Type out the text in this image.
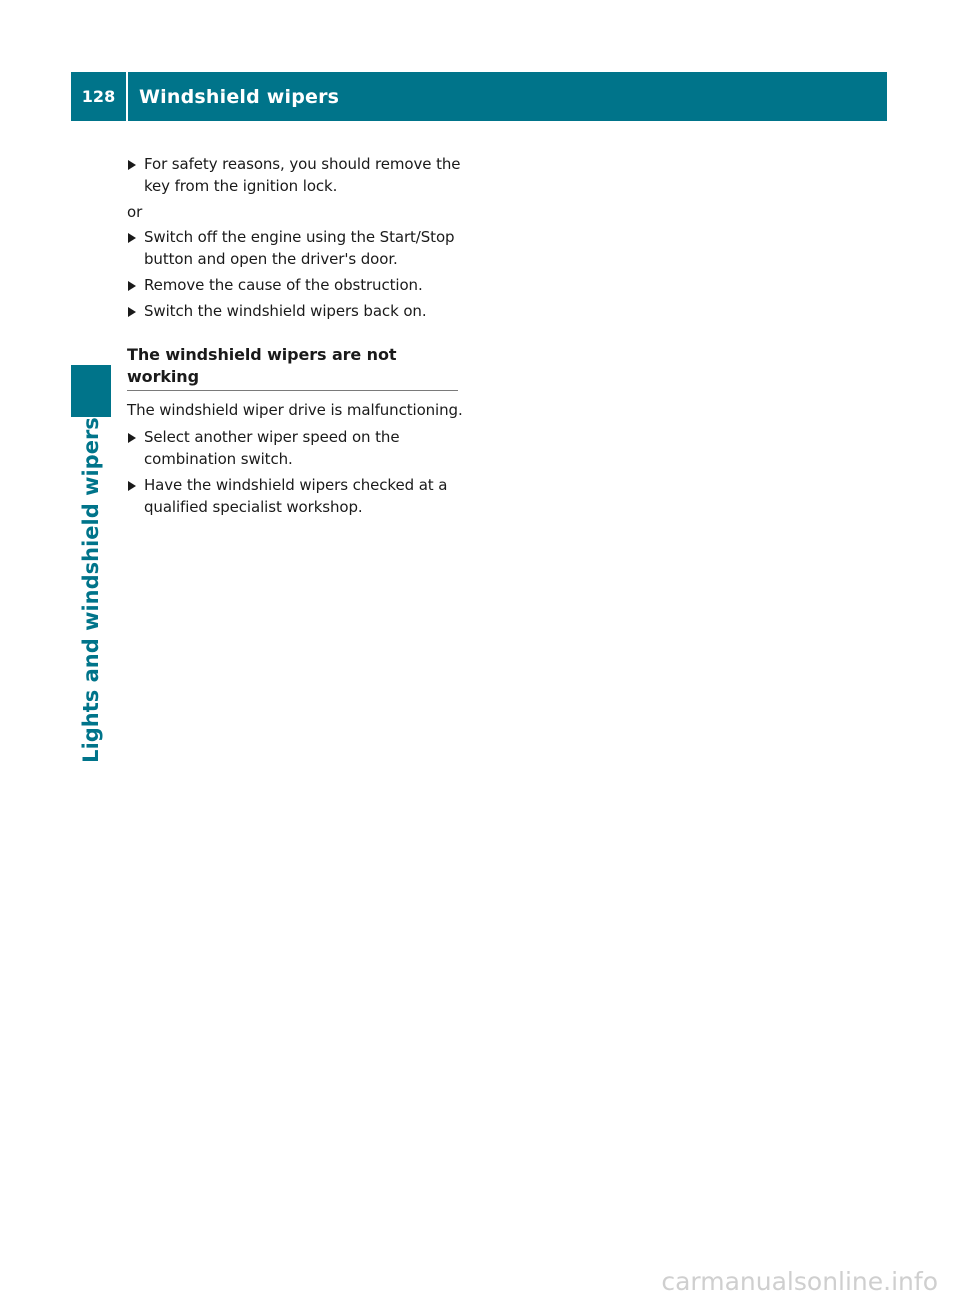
128	Windshield wipers
Lights and windshield wipers
For safety reasons, you should remove the key from the ignition lock.
or
Switch off the engine using the Start/Stop button and open the driver's door.
Remove the cause of the obstruction.
Switch the windshield wipers back on.
The windshield wipers are not working
The windshield wiper drive is malfunctioning.
Select another wiper speed on the combination switch.
Have the windshield wipers checked at a qualified specialist workshop.
carmanualsonline.info
